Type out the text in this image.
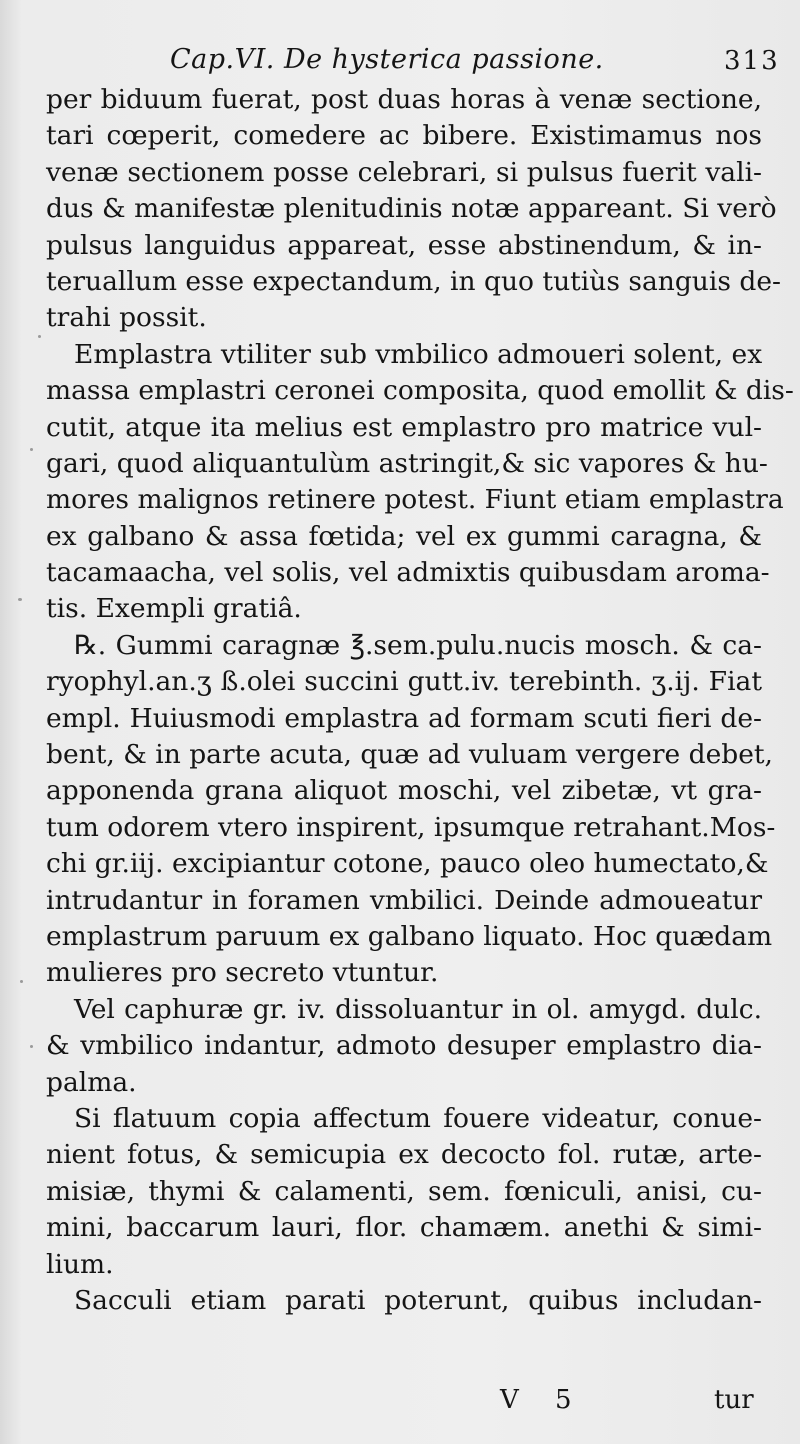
Cap.VI. De hysterica passione.	313
per biduum fuerat, post duas horas à venæ sectione,
tari cœperit, comedere ac bibere. Existimamus nos
venæ sectionem posse celebrari, si pulsus fuerit vali-
dus & manifestæ plenitudinis notæ appareant. Si verò
pulsus languidus appareat, esse abstinendum, & in-
teruallum esse expectandum, in quo tutiùs sanguis de-
trahi possit.
Emplastra vtiliter sub vmbilico admoueri solent, ex
massa emplastri ceronei composita, quod emollit & dis-
cutit, atque ita melius est emplastro pro matrice vul-
gari, quod aliquantulùm astringit,& sic vapores & hu-
mores malignos retinere potest. Fiunt etiam emplastra
ex galbano & assa fœtida; vel ex gummi caragna, &
tacamaacha, vel solis, vel admixtis quibusdam aroma-
tis. Exempli gratiâ.
℞. Gummi caragnæ ℥.sem.pulu.nucis mosch. & ca-
ryophyl.an.ʒ ß.olei succini gutt.iv. terebinth. ʒ.ij. Fiat
empl. Huiusmodi emplastra ad formam scuti fieri de-
bent, & in parte acuta, quæ ad vuluam vergere debet,
apponenda grana aliquot moschi, vel zibetæ, vt gra-
tum odorem vtero inspirent, ipsumque retrahant.Mos-
chi gr.iij. excipiantur cotone, pauco oleo humectato,&
intrudantur in foramen vmbilici. Deinde admoueatur
emplastrum paruum ex galbano liquato. Hoc quædam
mulieres pro secreto vtuntur.
Vel caphuræ gr. iv. dissoluantur in ol. amygd. dulc.
& vmbilico indantur, admoto desuper emplastro dia-
palma.
Si flatuum copia affectum fouere videatur, conue-
nient fotus, & semicupia ex decocto fol. rutæ, arte-
misiæ, thymi & calamenti, sem. fœniculi, anisi, cu-
mini, baccarum lauri, flor. chamæm. anethi & simi-
lium.
Sacculi etiam parati poterunt, quibus includan-
V 5	tur
